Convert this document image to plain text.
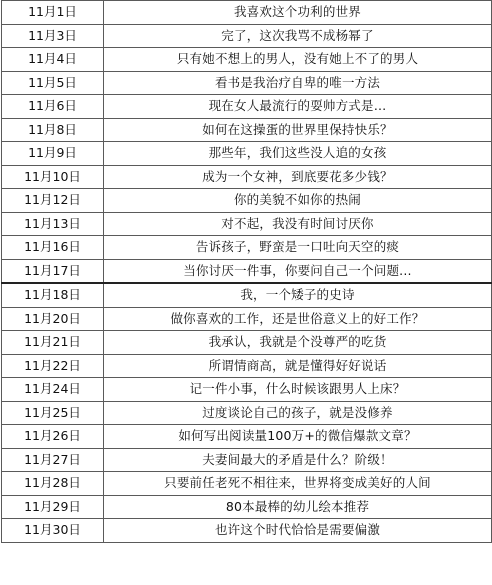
11月1日	我喜欢这个功利的世界
11月3日	完了，这次我骂不成杨幂了
11月4日	只有她不想上的男人，没有她上不了的男人
11月5日	看书是我治疗自卑的唯一方法
11月6日	现在女人最流行的耍帅方式是…
11月8日	如何在这操蛋的世界里保持快乐？
11月9日	那些年，我们这些没人追的女孩
11月10日	成为一个女神，到底要花多少钱？
11月12日	你的美貌不如你的热闹
11月13日	对不起，我没有时间讨厌你
11月16日	告诉孩子，野蛮是一口吐向天空的痰
11月17日	当你讨厌一件事，你要问自己一个问题...
11月18日	我，一个矮子的史诗
11月20日	做你喜欢的工作，还是世俗意义上的好工作？
11月21日	我承认，我就是个没尊严的吃货
11月22日	所谓情商高，就是懂得好好说话
11月24日	记一件小事，什么时候该跟男人上床？
11月25日	过度谈论自己的孩子，就是没修养
11月26日	如何写出阅读量100万+的微信爆款文章？
11月27日	夫妻间最大的矛盾是什么？阶级！
11月28日	只要前任老死不相往来，世界将变成美好的人间
11月29日	80本最棒的幼儿绘本推荐
11月30日	也许这个时代恰恰是需要偏激
